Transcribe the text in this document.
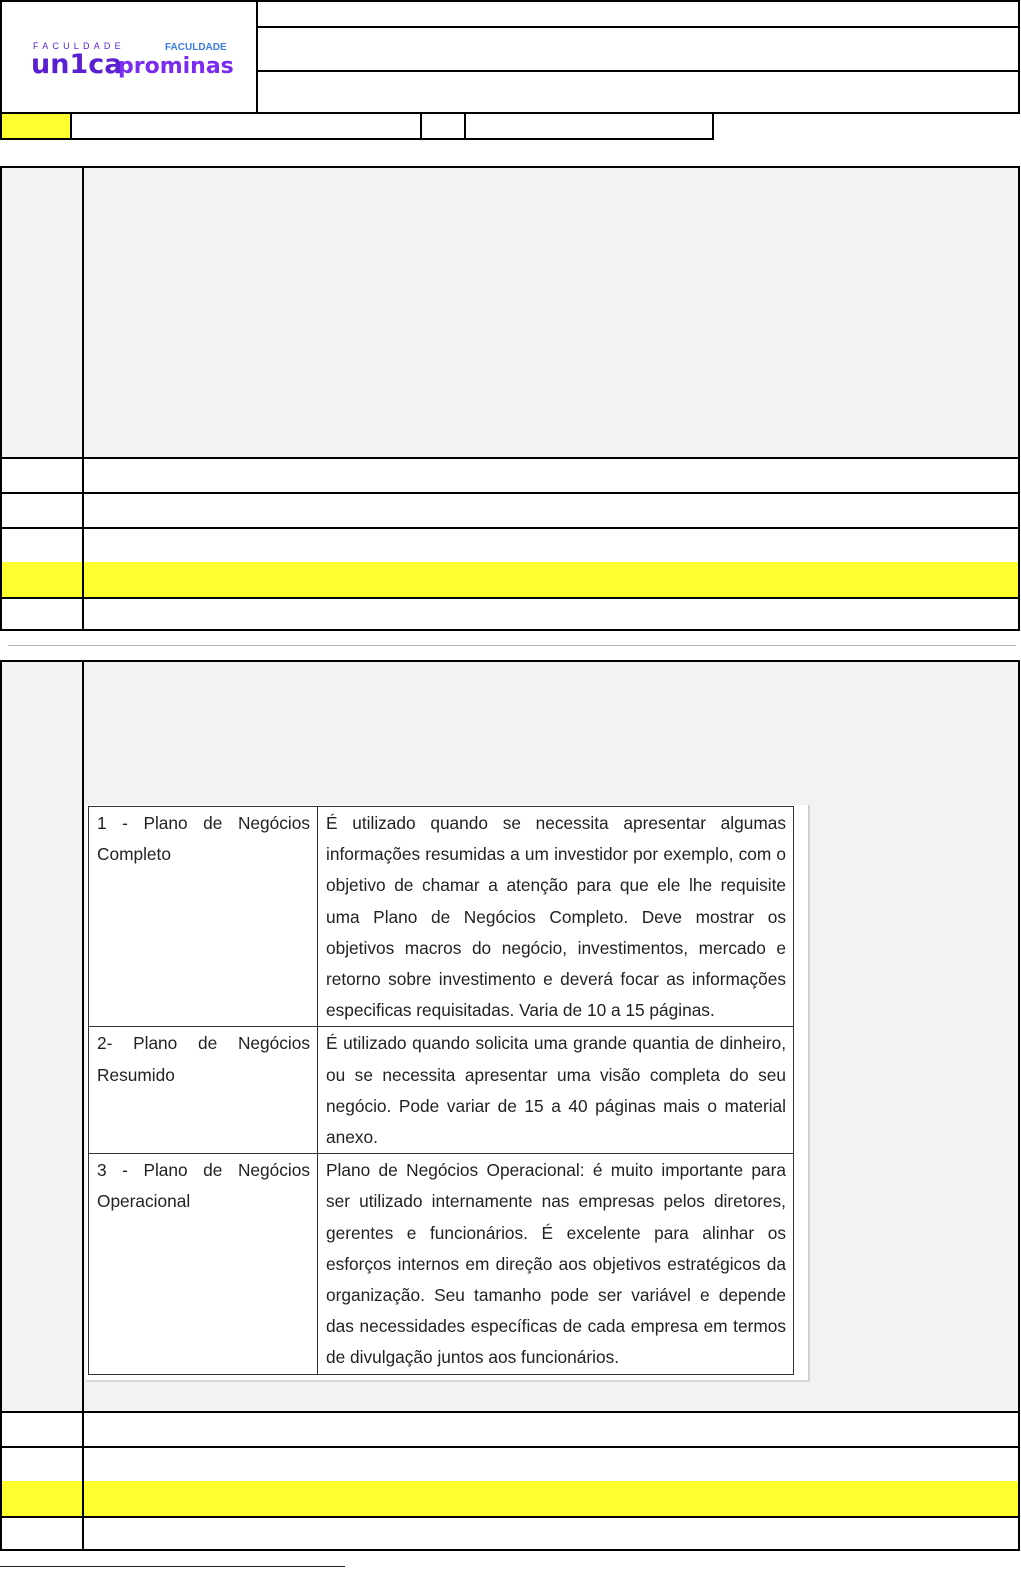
FACULDADE
un1ca
FACULDADE
prominas
1 - Plano de Negócios Completo	É utilizado quando se necessita apresentar algumas informações resumidas a um investidor por exemplo, com o objetivo de chamar a atenção para que ele lhe requisite uma Plano de Negócios Completo. Deve mostrar os objetivos macros do negócio, investimentos, mercado e retorno sobre investimento e deverá focar as informações especificas requisitadas. Varia de 10 a 15 páginas.
2- Plano de Negócios Resumido	É utilizado quando solicita uma grande quantia de dinheiro, ou se necessita apresentar uma visão completa do seu negócio. Pode variar de 15 a 40 páginas mais o material anexo.
3 - Plano de Negócios Operacional	Plano de Negócios Operacional: é muito importante para ser utilizado internamente nas empresas pelos diretores, gerentes e funcionários. É excelente para alinhar os esforços internos em direção aos objetivos estratégicos da organização. Seu tamanho pode ser variável e depende das necessidades específicas de cada empresa em termos de divulgação juntos aos funcionários.
